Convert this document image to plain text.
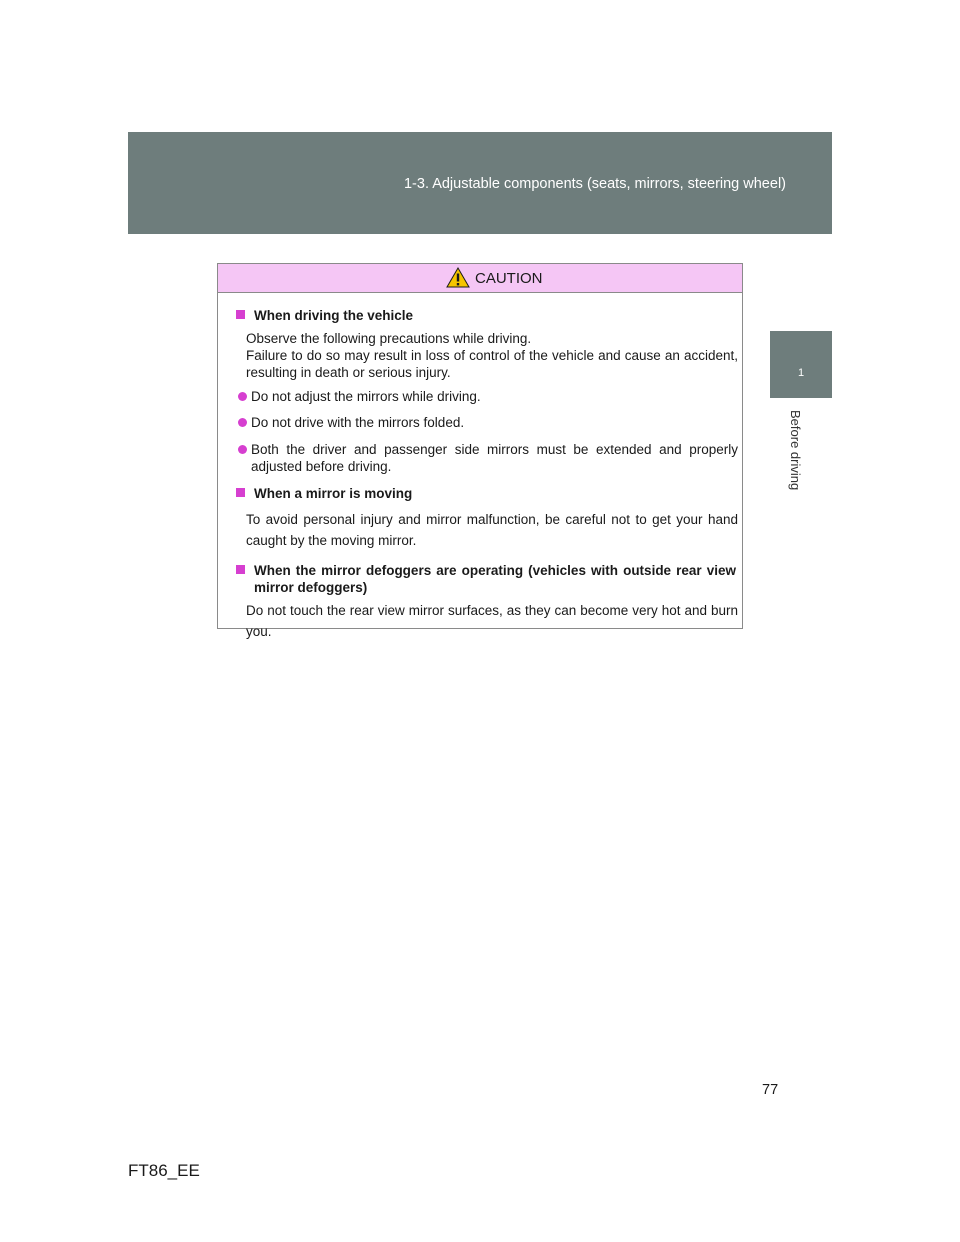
1-3. Adjustable components (seats, mirrors, steering wheel)
1
Before driving
CAUTION
When driving the vehicle
Observe the following precautions while driving.
Failure to do so may result in loss of control of the vehicle and cause an accident, resulting in death or serious injury.
Do not adjust the mirrors while driving.
Do not drive with the mirrors folded.
Both the driver and passenger side mirrors must be extended and properly adjusted before driving.
When a mirror is moving
To avoid personal injury and mirror malfunction, be careful not to get your hand caught by the moving mirror.
When the mirror defoggers are operating (vehicles with outside rear view mirror defoggers)
Do not touch the rear view mirror surfaces, as they can become very hot and burn you.
77
FT86_EE
